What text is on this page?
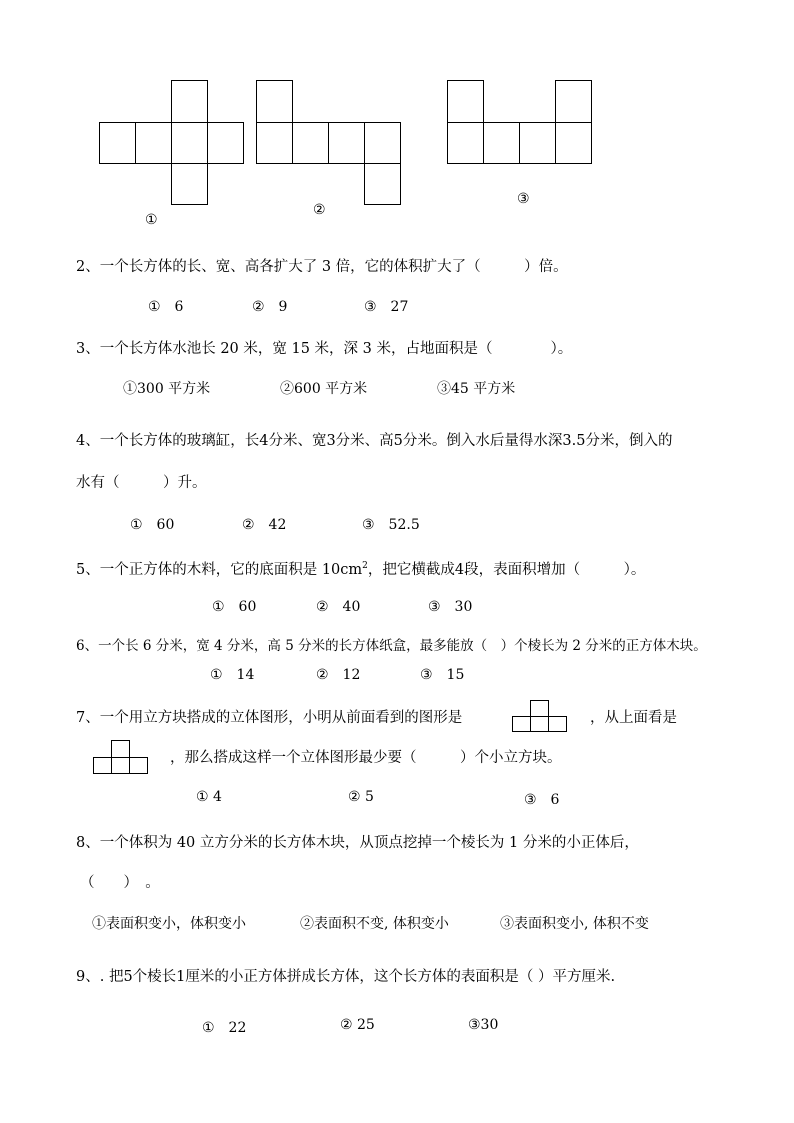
①
②
③
2、一个长方体的长、宽、高各扩大了 3 倍，它的体积扩大了（　　　）倍。
①　6	②　9	③　27
3、一个长方体水池长 20 米，宽 15 米，深 3 米，占地面积是（　　　　）。
①300 平方米	②600 平方米	③45 平方米
4、一个长方体的玻璃缸，长4分米、宽3分米、高5分米。倒入水后量得水深3.5分米，倒入的
水有（　　　）升。
①　60	②　42	③　52.5
5、一个正方体的木料，它的底面积是 $10cm^2$，把它横截成4段，表面积增加（　　　）。
①　60	②　40	③　30
6、一个长 6 分米，宽 4 分米，高 5 分米的长方体纸盒，最多能放（　）个棱长为 2 分米的正方体木块。
①　14	②　12	③　15
7、一个用立方块搭成的立体图形，小明从前面看到的图形是	，从上面看是
，那么搭成这样一个立体图形最少要（　　　）个小立方块。
① 4	② 5	③　6
8、一个体积为 40 立方分米的长方体木块，从顶点挖掉一个棱长为 1 分米的小正体后，
（　　）　。
①表面积变小，体积变小	②表面积不变, 体积变小	③表面积变小, 体积不变
9、. 把5个棱长1厘米的小正方体拼成长方体，这个长方体的表面积是（ ）平方厘米.
①　22	② 25	③30
